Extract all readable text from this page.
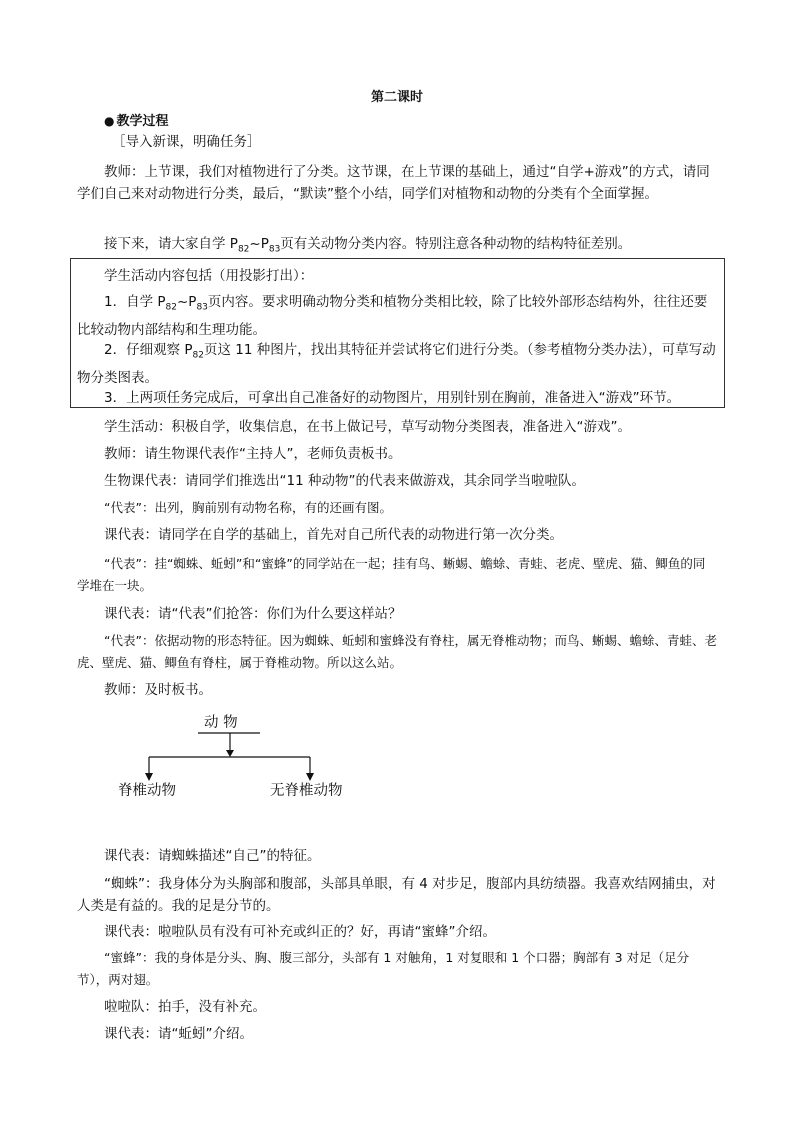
第二课时
● 教学过程
［导入新课，明确任务］
教师：上节课，我们对植物进行了分类。这节课，在上节课的基础上，通过“自学+游戏”的方式，请同学们自己来对动物进行分类，最后，“默读”整个小结，同学们对植物和动物的分类有个全面掌握。
接下来，请大家自学 $P_{82}\sim P_{83}$页有关动物分类内容。特别注意各种动物的结构特征差别。
学生活动内容包括（用投影打出）：
1．自学 $P_{82}\sim P_{83}$页内容。要求明确动物分类和植物分类相比较，除了比较外部形态结构外，往往还要比较动物内部结构和生理功能。
2．仔细观察 $P_{82}$页这 11 种图片，找出其特征并尝试将它们进行分类。（参考植物分类办法），可草写动物分类图表。
3．上两项任务完成后，可拿出自己准备好的动物图片，用别针别在胸前，准备进入“游戏”环节。
学生活动：积极自学，收集信息，在书上做记号，草写动物分类图表，准备进入“游戏”。
教师：请生物课代表作“主持人”，老师负责板书。
生物课代表：请同学们推选出“11 种动物”的代表来做游戏，其余同学当啦啦队。
“代表”：出列，胸前别有动物名称，有的还画有图。
课代表：请同学在自学的基础上，首先对自己所代表的动物进行第一次分类。
“代表”：挂“蜘蛛、蚯蚓”和“蜜蜂”的同学站在一起；挂有鸟、蜥蜴、蟾蜍、青蛙、老虎、壁虎、猫、鲫鱼的同学堆在一块。
课代表：请“代表”们抢答：你们为什么要这样站？
“代表”：依据动物的形态特征。因为蜘蛛、蚯蚓和蜜蜂没有脊柱，属无脊椎动物；而鸟、蜥蜴、蟾蜍、青蛙、老虎、壁虎、猫、鲫鱼有脊柱，属于脊椎动物。所以这么站。
教师：及时板书。
动 物
脊椎动物	无脊椎动物
课代表：请蜘蛛描述“自己”的特征。
“蜘蛛”：我身体分为头胸部和腹部，头部具单眼，有 4 对步足，腹部内具纺绩器。我喜欢结网捕虫，对人类是有益的。我的足是分节的。
课代表：啦啦队员有没有可补充或纠正的？好，再请“蜜蜂”介绍。
“蜜蜂”：我的身体是分头、胸、腹三部分，头部有 1 对触角，1 对复眼和 1 个口器；胸部有 3 对足（足分节），两对翅。
啦啦队：拍手，没有补充。
课代表：请“蚯蚓”介绍。
